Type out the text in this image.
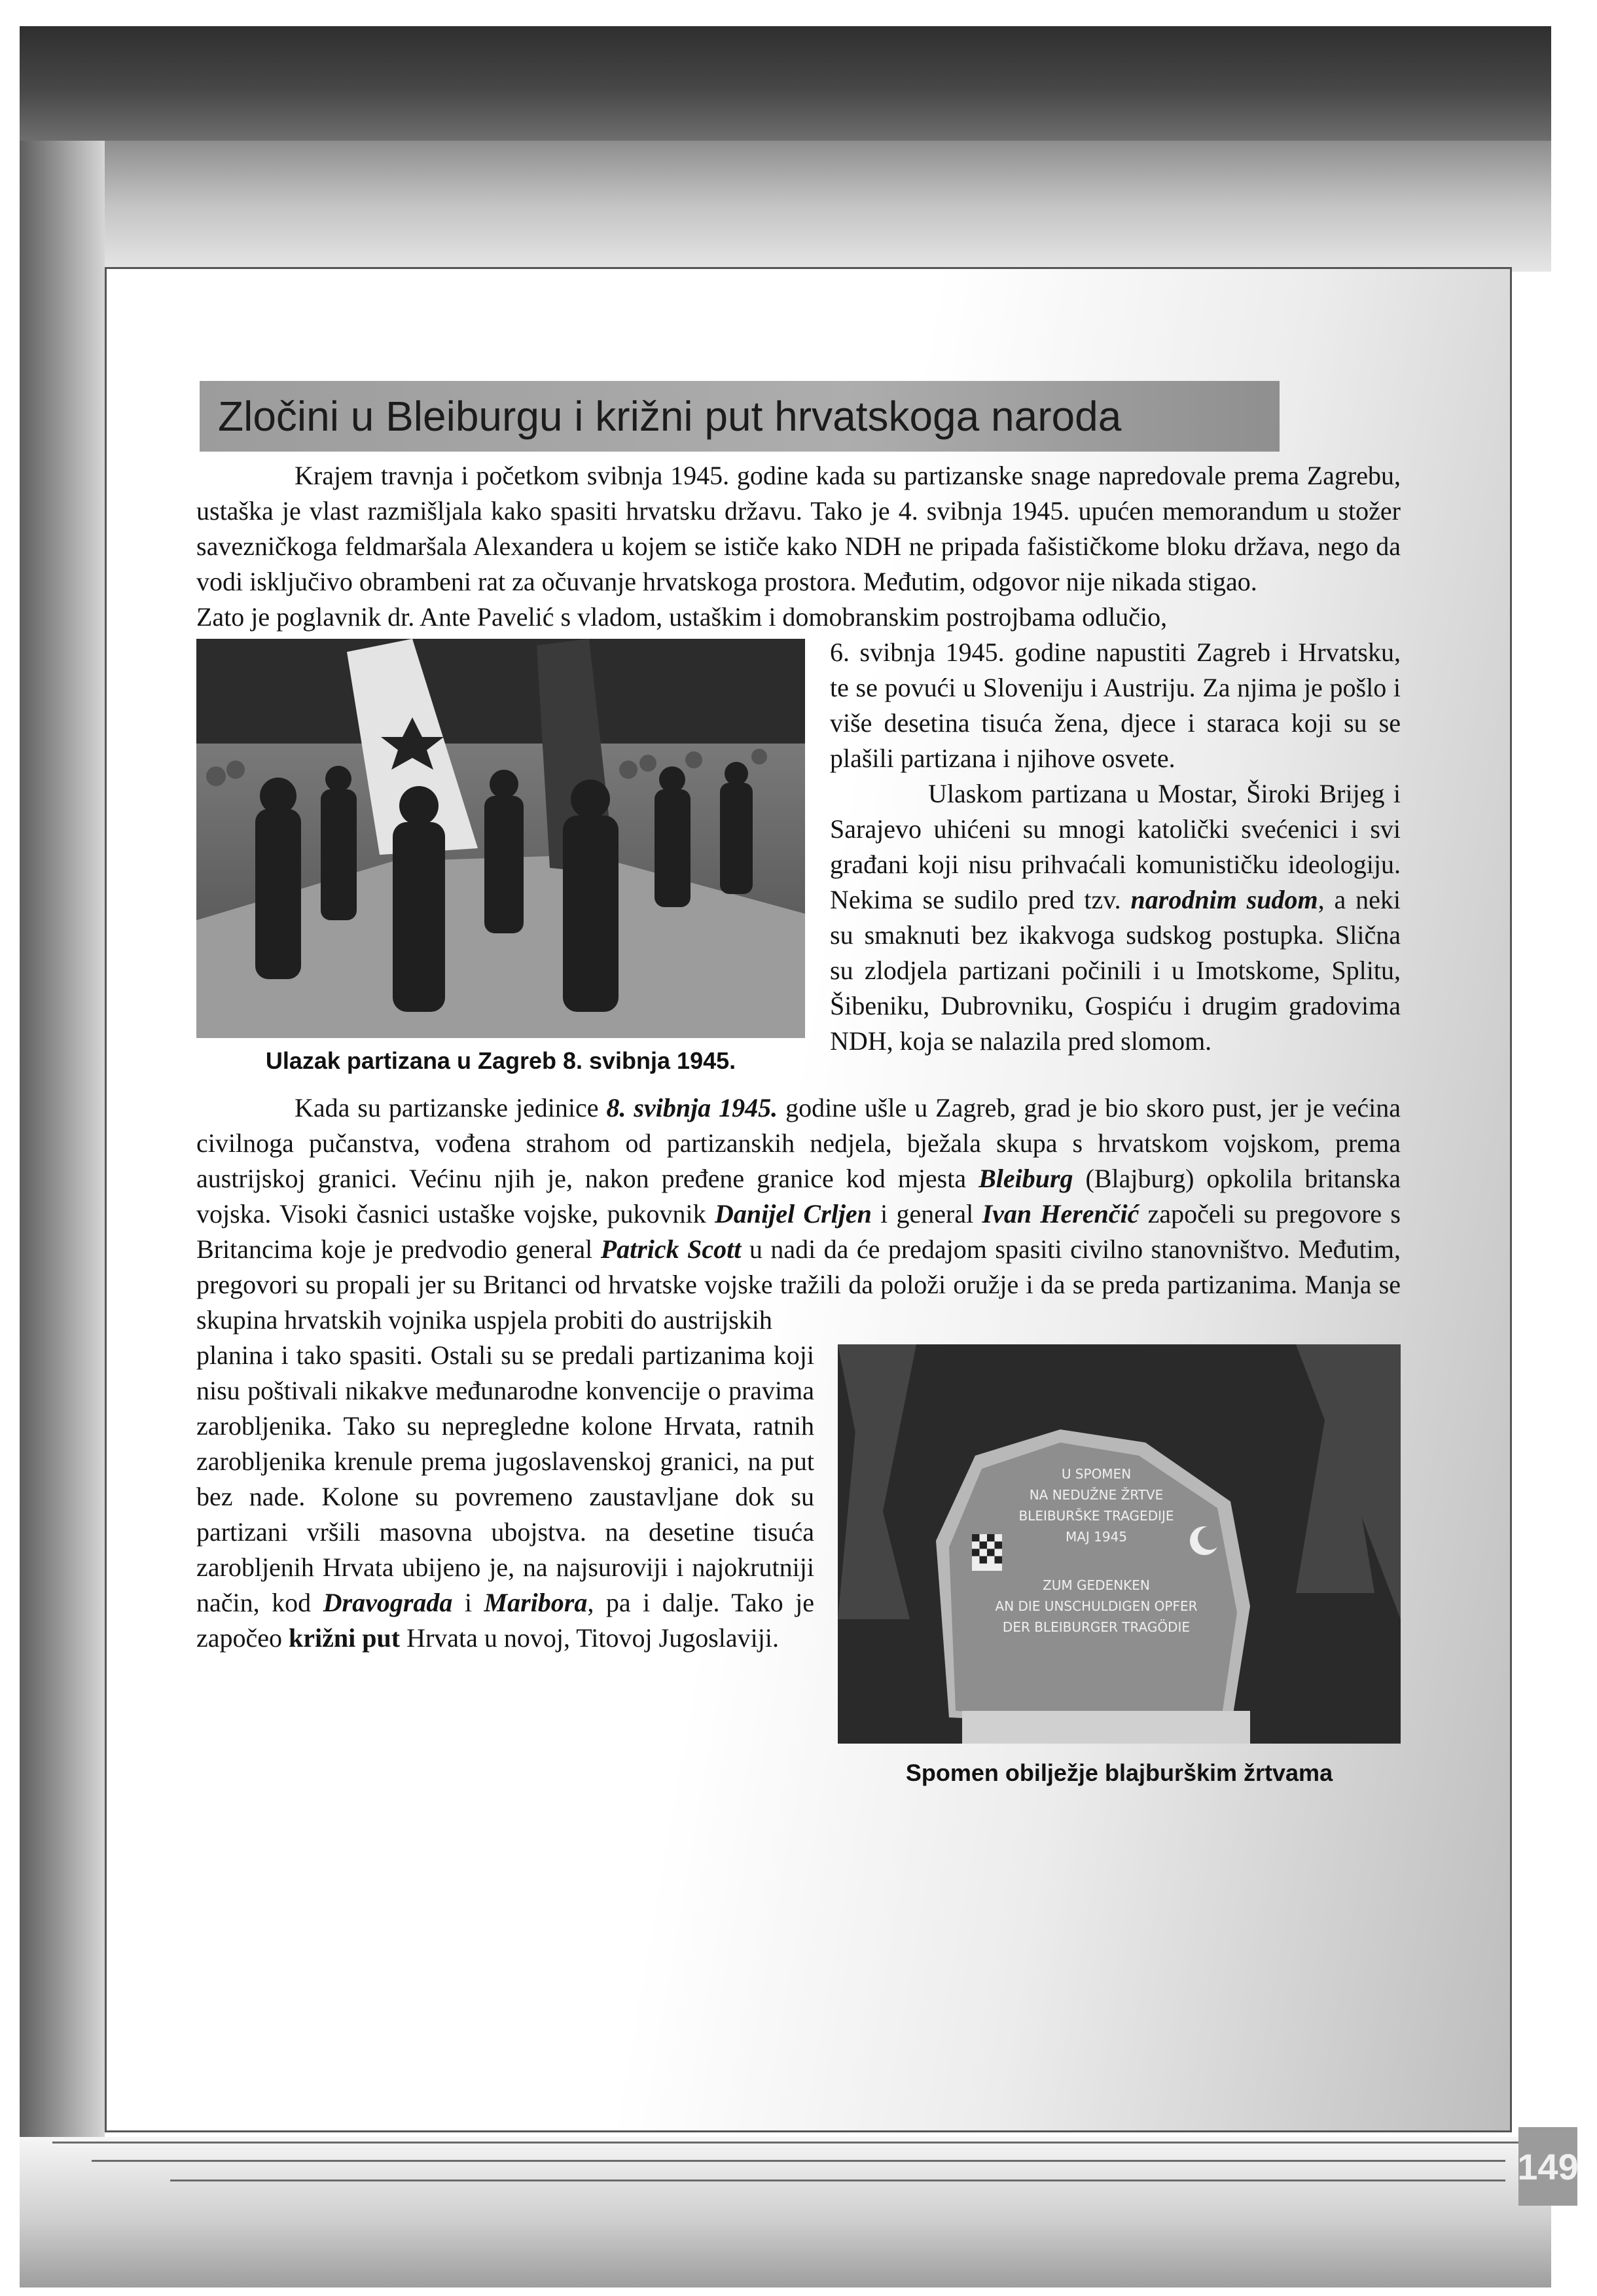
Zločini u Bleiburgu i križni put hrvatskoga naroda

Krajem travnja i početkom svibnja 1945. godine kada su partizanske snage napredovale prema Zagrebu, ustaška je vlast razmišljala kako spasiti hrvatsku državu. Tako je 4. svibnja 1945. upućen memorandum u stožer savezničkoga feldmaršala Alexandera u kojem se ističe kako NDH ne pripada fašističkome bloku država, nego da vodi isključivo obrambeni rat za očuvanje hrvatskoga prostora. Međutim, odgovor nije nikada stigao.

Zato je poglavnik dr. Ante Pavelić s vladom, ustaškim i domobranskim postrojbama odlučio,

Ulazak partizana u Zagreb 8. svibnja 1945.

6. svibnja 1945. godine napustiti Zagreb i Hrvatsku, te se povući u Sloveniju i Austriju. Za njima je pošlo i više desetina tisuća žena, djece i staraca koji su se plašili partizana i njihove osvete.

Ulaskom partizana u Mostar, Široki Brijeg i Sarajevo uhićeni su mnogi katolički svećenici i svi građani koji nisu prihvaćali komunističku ideologiju. Nekima se sudilo pred tzv. narodnim sudom, a neki su smaknuti bez ikakvoga sudskog postupka. Slična su zlodjela partizani počinili i u Imotskome, Splitu, Šibeniku, Dubrovniku, Gospiću i drugim gradovima NDH, koja se nalazila pred slomom.

Kada su partizanske jedinice 8. svibnja 1945. godine ušle u Zagreb, grad je bio skoro pust, jer je većina civilnoga pučanstva, vođena strahom od partizanskih nedjela, bježala skupa s hrvatskom vojskom, prema austrijskoj granici. Većinu njih je, nakon pređene granice kod mjesta Bleiburg (Blajburg) opkolila britanska vojska. Visoki časnici ustaške vojske, pukovnik Danijel Crljen i general Ivan Herenčić započeli su pregovore s Britancima koje je predvodio general Patrick Scott u nadi da će predajom spasiti civilno stanovništvo. Međutim, pregovori su propali jer su Britanci od hrvatske vojske tražili da položi oružje i da se preda partizanima. Manja se skupina hrvatskih vojnika uspjela probiti do austrijskih

U SPOMEN
NA NEDUŽNE ŽRTVE
BLEIBURŠKE TRAGEDIJE
MAJ 1945
ZUM GEDENKEN
AN DIE UNSCHULDIGEN OPFER
DER BLEIBURGER TRAGÖDIE
Spomen obilježje blajburškim žrtvama

planina i tako spasiti. Ostali su se predali partizanima koji nisu poštivali nikakve međunarodne konvencije o pravima zarobljenika. Tako su nepregledne kolone Hrvata, ratnih zarobljenika krenule prema jugoslavenskoj granici, na put bez nade. Kolone su povremeno zaustavljane dok su partizani vršili masovna ubojstva. na desetine tisuća zarobljenih Hrvata ubijeno je, na najsuroviji i najokrutniji način, kod Dravograda i Maribora, pa i dalje. Tako je započeo križni put Hrvata u novoj, Titovoj Jugoslaviji.

149
